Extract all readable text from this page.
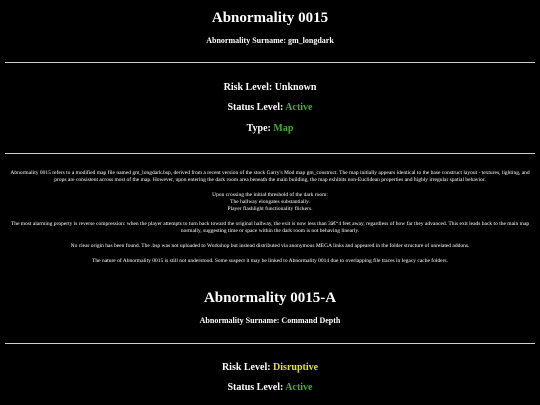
Abnormality 0015
Abnormality Surname: gm_longdark
Risk Level: Unknown
Status Level: Active
Type: Map

Abnormality 0015 refers to a modified map file named gm_longdark.bsp, derived from a recent version of the stock Garry's Mod map gm_construct. The map initially appears identical to the base construct layout - textures, lighting, and props are consistent across most of the map. However, upon entering the dark room area beneath the main building, the map exhibits non-Euclidean properties and highly irregular spatial behavior.

Upon crossing the initial threshold of the dark room:
The hallway elongates substantially.
Player flashlight functionality flickers.

The most alarming property is reverse compression: when the player attempts to turn back toward the original hallway, the exit is now less than 3â€“4 feet away, regardless of how far they advanced. This exit leads back to the main map normally, suggesting time or space within the dark room is not behaving linearly.

No clear origin has been found. The .bsp was not uploaded to Workshop but instead distributed via anonymous MEGA links and appeared in the folder structure of unrelated addons.

The nature of Abnormality 0015 is still not understood. Some suspect it may be linked to Abnormality 0014 due to overlapping file traces in legacy cache folders.

Abnormality 0015-A
Abnormality Surname: Command Depth
Risk Level: Disruptive
Status Level: Active
